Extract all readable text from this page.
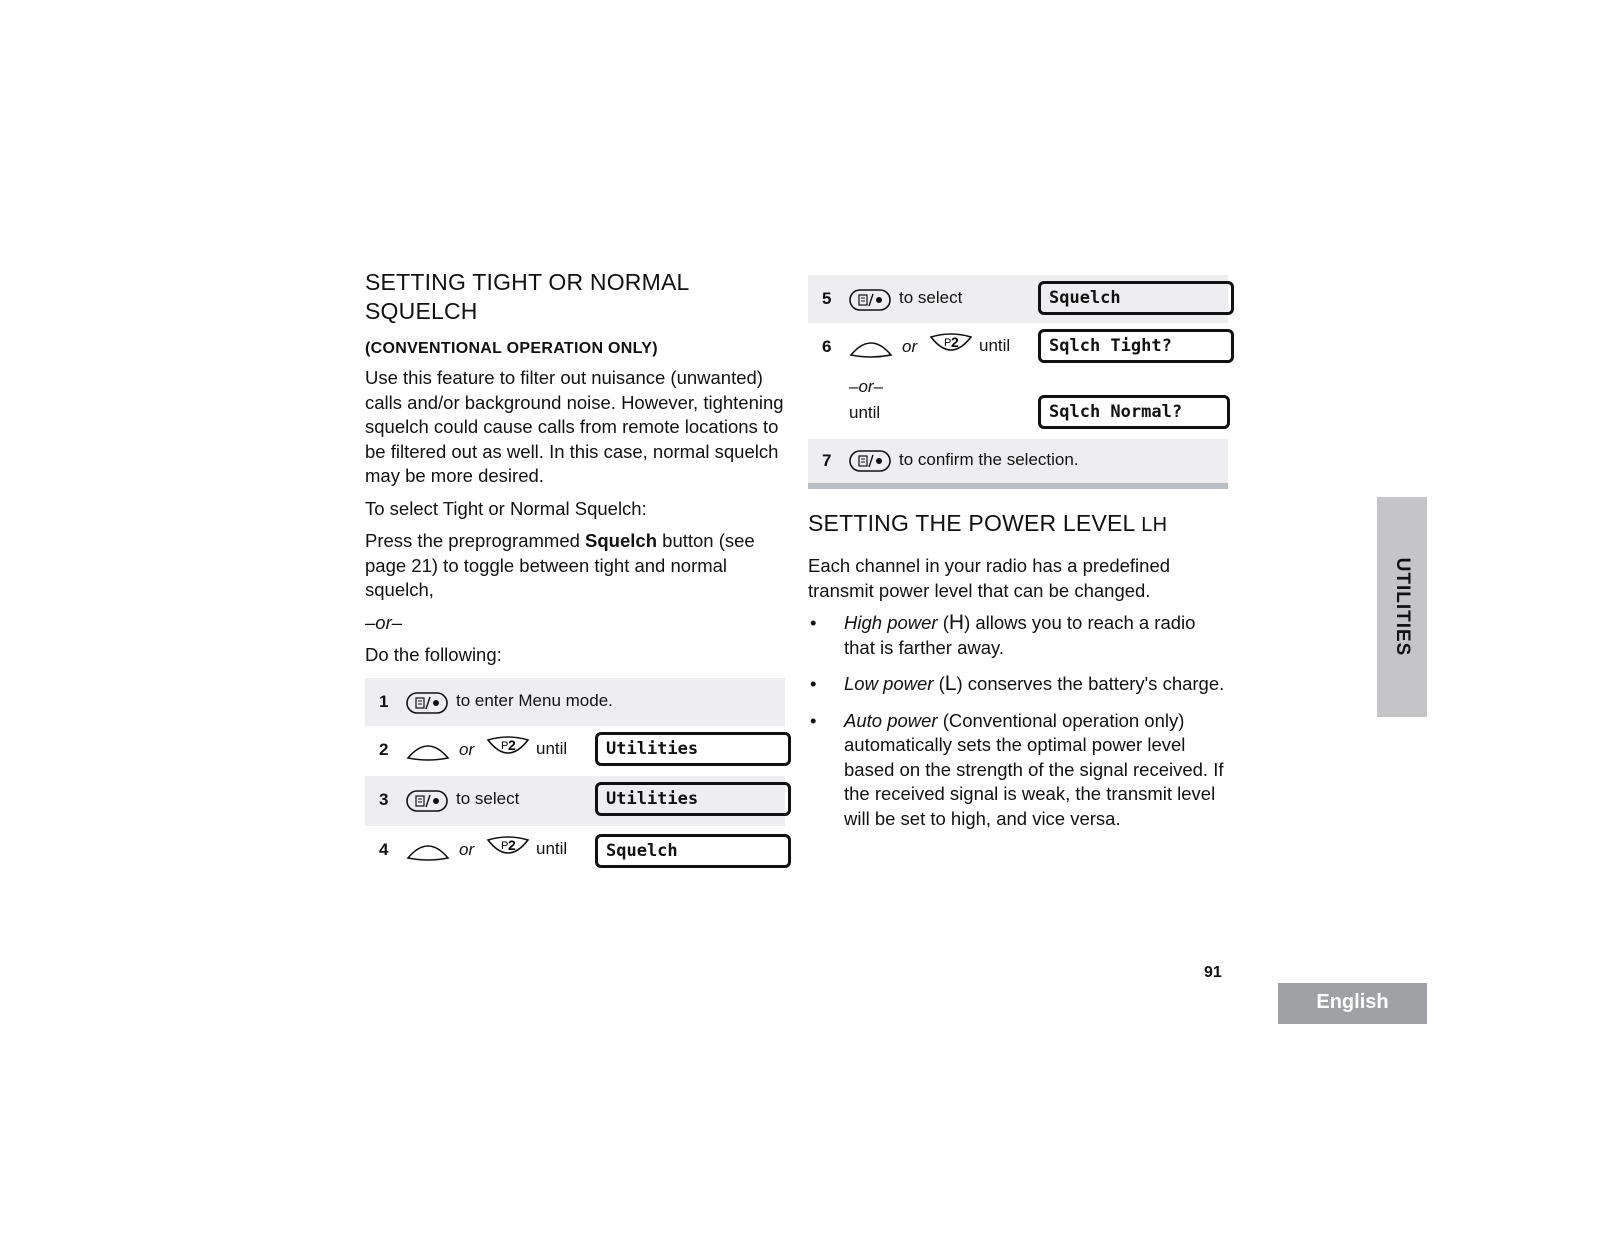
SETTING TIGHT OR NORMAL SQUELCH
(CONVENTIONAL OPERATION ONLY)

Use this feature to filter out nuisance (unwanted) calls and/or background noise. However, tightening squelch could cause calls from remote locations to be filtered out as well. In this case, normal squelch may be more desired.

To select Tight or Normal Squelch:

Press the preprogrammed Squelch button (see page 21) to toggle between tight and normal squelch,

–or–

Do the following:

1	to enter Menu mode.
2	or P 2 until	Utilities
3	to select	Utilities
4	or P 2 until	Squelch
5	to select	Squelch
6	or P 2 until	Sqlch Tight?
–or–
until	Sqlch Normal?
7	to confirm the selection.
SETTING THE POWER LEVEL LH

Each channel in your radio has a predefined transmit power level that can be changed.

• High power (H) allows you to reach a radio that is farther away.
• Low power (L) conserves the battery's charge.
• Auto power (Conventional operation only) automatically sets the optimal power level based on the strength of the signal received. If the received signal is weak, the transmit level will be set to high, and vice versa.
UTILITIES
91
English
